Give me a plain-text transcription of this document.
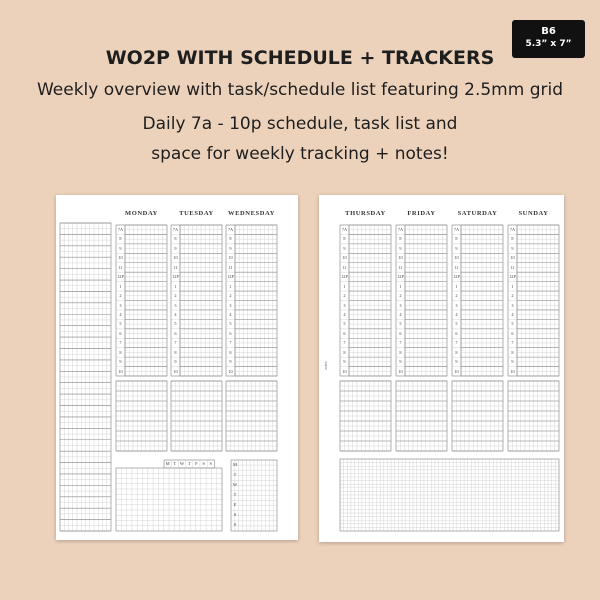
B6
5.3” x 7”
WO2P WITH SCHEDULE + TRACKERS
Weekly overview with task/schedule list featuring 2.5mm grid
Daily 7a - 10p schedule, task list and
space for weekly tracking + notes!
MONDAY
7A
8
9
10
11
12P
1
2
3
4
5
6
7
8
9
10
TUESDAY
7A
8
9
10
11
12P
1
2
3
4
5
6
7
8
9
10
WEDNESDAY
7A
8
9
10
11
12P
1
2
3
4
5
6
7
8
9
10
M T W T	F	S	S	M
T
W
T
F
S
S
THURSDAY
7A
8
9
10
11
12P
1
2
3
4
5
6
7
8
9
10
FRIDAY
7A
8
9
10
11
12P
1
2
3
4
5
6
7
8
9
10
SATURDAY
7A
8
9
10
11
12P
1
2
3
4
5
6
7
8
9
10
SUNDAY
7A
8
9
10
11
12P
1
2
3
4
5
6
7
8
9
10
notes
